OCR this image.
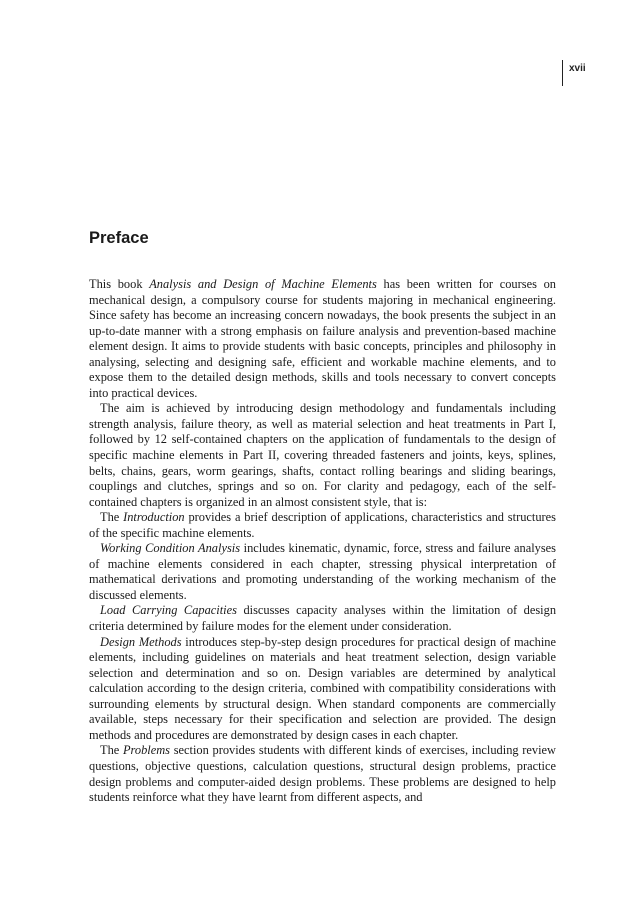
xvii
Preface

This book Analysis and Design of Machine Elements has been written for courses on mechanical design, a compulsory course for students majoring in mechanical engineering. Since safety has become an increasing concern nowadays, the book presents the subject in an up-to-date manner with a strong emphasis on failure analysis and prevention-based machine element design. It aims to provide students with basic concepts, principles and philosophy in analysing, selecting and designing safe, efficient and workable machine elements, and to expose them to the detailed design methods, skills and tools necessary to convert concepts into practical devices.

The aim is achieved by introducing design methodology and fundamentals including strength analysis, failure theory, as well as material selection and heat treatments in Part I, followed by 12 self-contained chapters on the application of fundamentals to the design of specific machine elements in Part II, covering threaded fasteners and joints, keys, splines, belts, chains, gears, worm gearings, shafts, contact rolling bearings and sliding bearings, couplings and clutches, springs and so on. For clarity and pedagogy, each of the self-contained chapters is organized in an almost consistent style, that is:

The Introduction provides a brief description of applications, characteristics and structures of the specific machine elements.

Working Condition Analysis includes kinematic, dynamic, force, stress and failure analyses of machine elements considered in each chapter, stressing physical interpretation of mathematical derivations and promoting understanding of the working mechanism of the discussed elements.

Load Carrying Capacities discusses capacity analyses within the limitation of design criteria determined by failure modes for the element under consideration.

Design Methods introduces step-by-step design procedures for practical design of machine elements, including guidelines on materials and heat treatment selection, design variable selection and determination and so on. Design variables are determined by analytical calculation according to the design criteria, combined with compatibility considerations with surrounding elements by structural design. When standard components are commercially available, steps necessary for their specification and selection are provided. The design methods and procedures are demonstrated by design cases in each chapter.

The Problems section provides students with different kinds of exercises, including review questions, objective questions, calculation questions, structural design problems, practice design problems and computer-aided design problems. These problems are designed to help students reinforce what they have learnt from different aspects, and
